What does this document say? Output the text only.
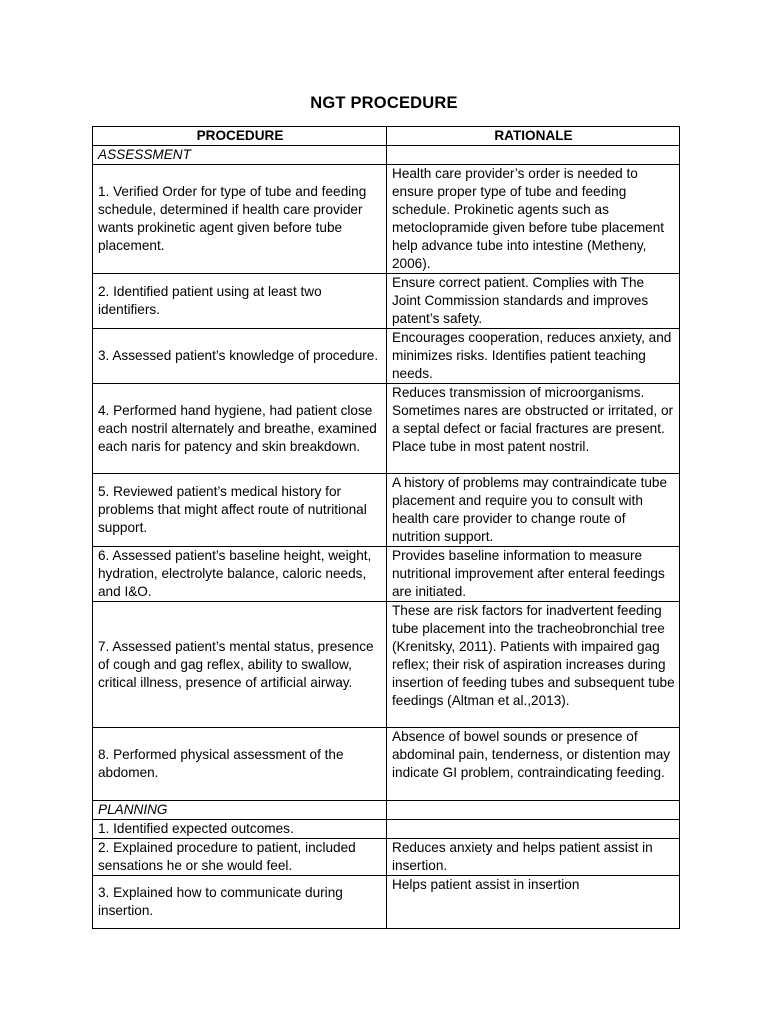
NGT PROCEDURE
PROCEDURE	RATIONALE
ASSESSMENT	
1. Verified Order for type of tube and feeding schedule, determined if health care provider wants prokinetic agent given before tube placement.	Health care provider’s order is needed to ensure proper type of tube and feeding schedule. Prokinetic agents such as metoclopramide given before tube placement help advance tube into intestine (Metheny, 2006).
2. Identified patient using at least two identifiers.	Ensure correct patient. Complies with The Joint Commission standards and improves patent’s safety.
3. Assessed patient’s knowledge of procedure.	Encourages cooperation, reduces anxiety, and minimizes risks. Identifies patient teaching needs.
4. Performed hand hygiene, had patient close each nostril alternately and breathe, examined each naris for patency and skin breakdown.	Reduces transmission of microorganisms. Sometimes nares are obstructed or irritated, or a septal defect or facial fractures are present. Place tube in most patent nostril.
5. Reviewed patient’s medical history for problems that might affect route of nutritional support.	A history of problems may contraindicate tube placement and require you to consult with health care provider to change route of nutrition support.
6. Assessed patient’s baseline height, weight, hydration, electrolyte balance, caloric needs, and I&O.	Provides baseline information to measure nutritional improvement after enteral feedings are initiated.
7. Assessed patient’s mental status, presence of cough and gag reflex, ability to swallow, critical illness, presence of artificial airway.	These are risk factors for inadvertent feeding tube placement into the tracheobronchial tree (Krenitsky, 2011). Patients with impaired gag reflex; their risk of aspiration increases during insertion of feeding tubes and subsequent tube feedings (Altman et al.,2013).
8. Performed physical assessment of the abdomen.	Absence of bowel sounds or presence of abdominal pain, tenderness, or distention may indicate GI problem, contraindicating feeding.
PLANNING	
1. Identified expected outcomes.	
2. Explained procedure to patient, included sensations he or she would feel.	Reduces anxiety and helps patient assist in insertion.
3. Explained how to communicate during insertion.	Helps patient assist in insertion
